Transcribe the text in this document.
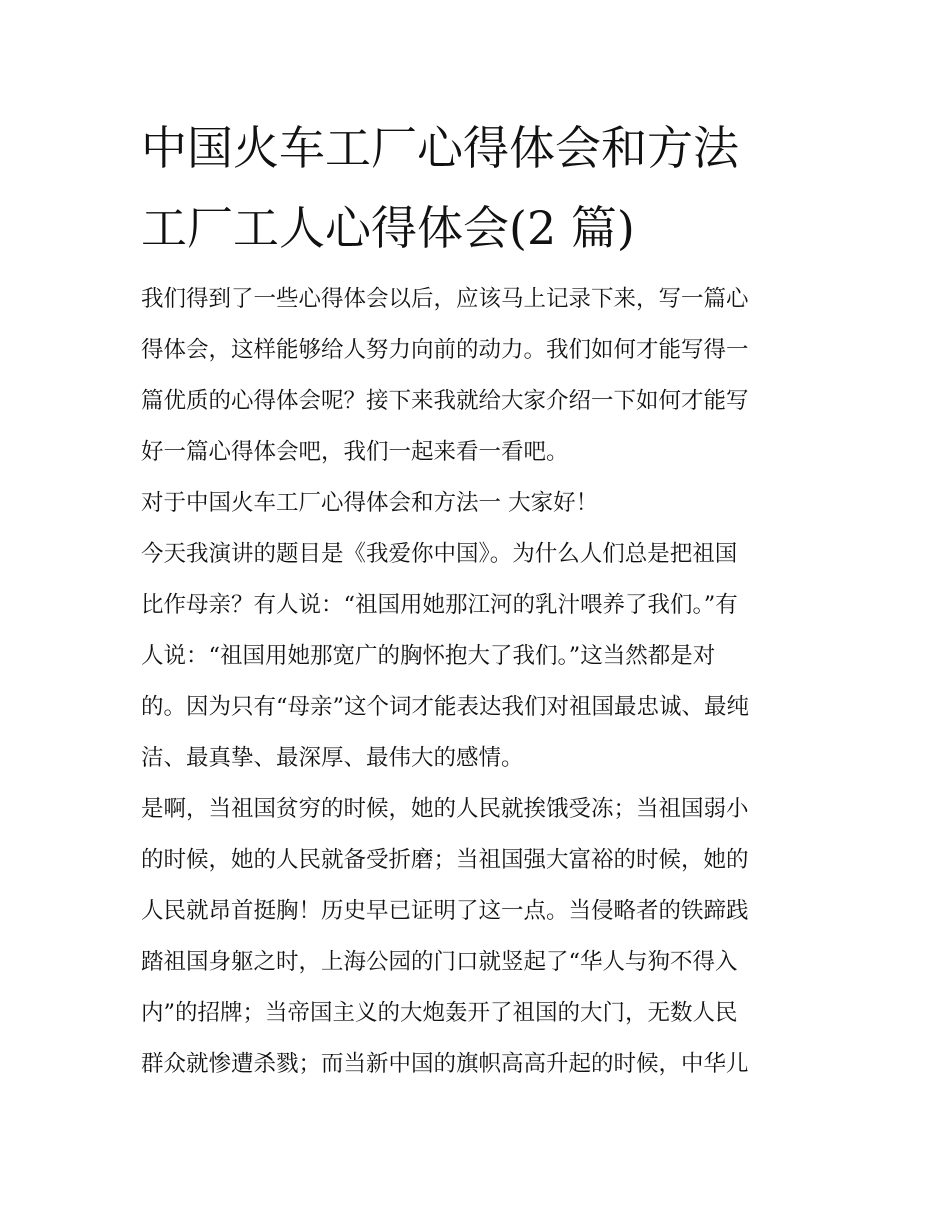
中国火车工厂心得体会和方法
工厂工人心得体会(2 篇)
我们得到了一些心得体会以后，应该马上记录下来，写一篇心
得体会，这样能够给人努力向前的动力。我们如何才能写得一
篇优质的心得体会呢？接下来我就给大家介绍一下如何才能写
好一篇心得体会吧，我们一起来看一看吧。
对于中国火车工厂心得体会和方法一 大家好！
今天我演讲的题目是《我爱你中国》。为什么人们总是把祖国
比作母亲？有人说：“祖国用她那江河的乳汁喂养了我们。”有
人说：“祖国用她那宽广的胸怀抱大了我们。”这当然都是对
的。因为只有“母亲”这个词才能表达我们对祖国最忠诚、最纯
洁、最真挚、最深厚、最伟大的感情。
是啊，当祖国贫穷的时候，她的人民就挨饿受冻；当祖国弱小
的时候，她的人民就备受折磨；当祖国强大富裕的时候，她的
人民就昂首挺胸！历史早已证明了这一点。当侵略者的铁蹄践
踏祖国身躯之时，上海公园的门口就竖起了“华人与狗不得入
内”的招牌；当帝国主义的大炮轰开了祖国的大门，无数人民
群众就惨遭杀戮；而当新中国的旗帜高高升起的时候，中华儿
